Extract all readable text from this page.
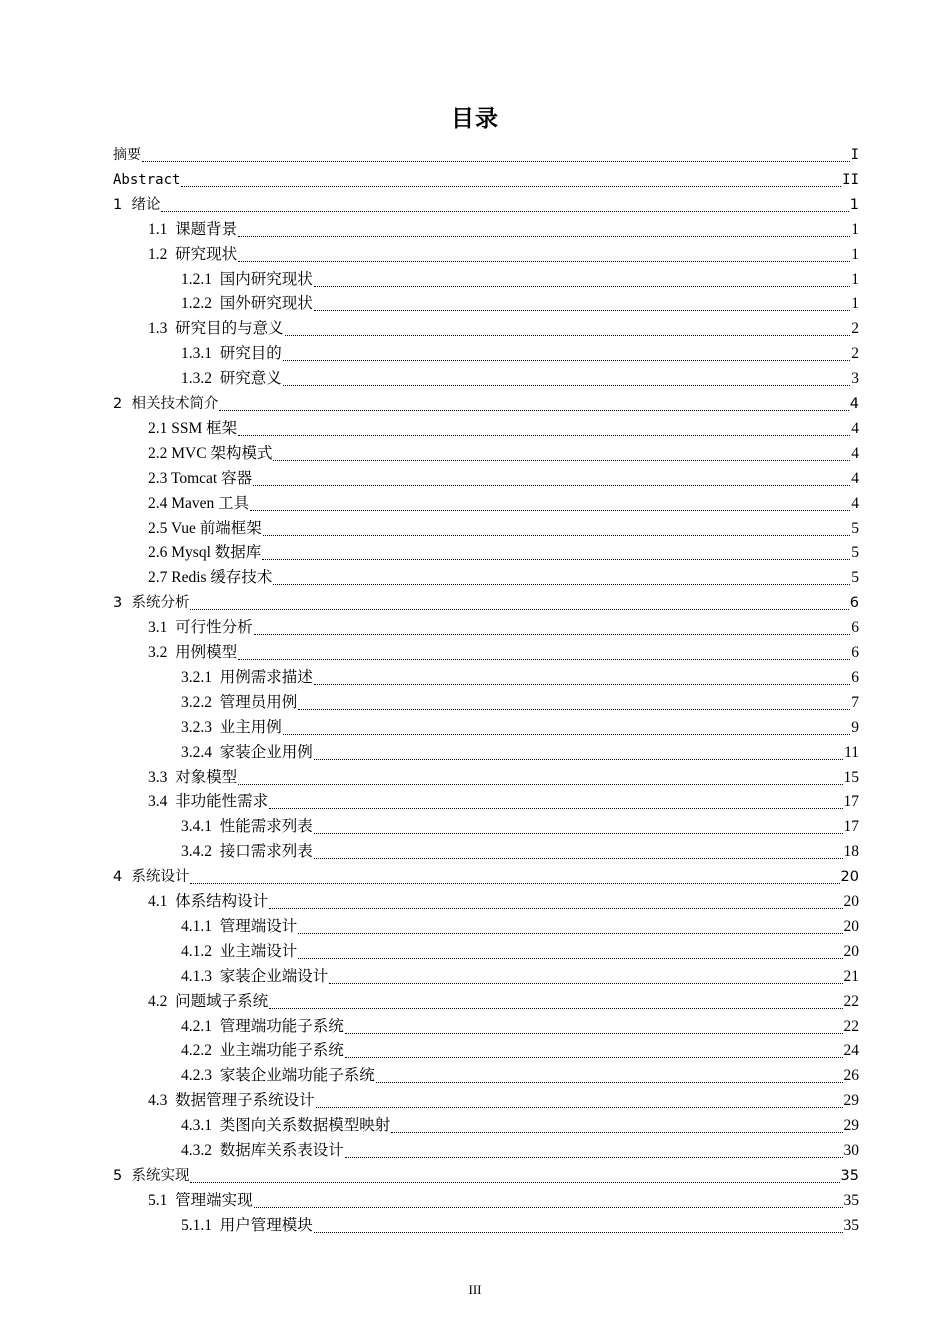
目录
摘要	I
Abstract	II
1  绪论	1
1.1  课题背景	1
1.2  研究现状	1
1.2.1  国内研究现状	1
1.2.2  国外研究现状	1
1.3  研究目的与意义	2
1.3.1  研究目的	2
1.3.2  研究意义	3
2  相关技术简介	4
2.1 SSM 框架	4
2.2 MVC 架构模式	4
2.3 Tomcat 容器	4
2.4 Maven 工具	4
2.5 Vue 前端框架	5
2.6 Mysql 数据库	5
2.7 Redis 缓存技术	5
3  系统分析	6
3.1  可行性分析	6
3.2  用例模型	6
3.2.1  用例需求描述	6
3.2.2  管理员用例	7
3.2.3  业主用例	9
3.2.4  家装企业用例	11
3.3  对象模型	15
3.4  非功能性需求	17
3.4.1  性能需求列表	17
3.4.2  接口需求列表	18
4  系统设计	20
4.1  体系结构设计	20
4.1.1  管理端设计	20
4.1.2  业主端设计	20
4.1.3  家装企业端设计	21
4.2  问题域子系统	22
4.2.1  管理端功能子系统	22
4.2.2  业主端功能子系统	24
4.2.3  家装企业端功能子系统	26
4.3  数据管理子系统设计	29
4.3.1  类图向关系数据模型映射	29
4.3.2  数据库关系表设计	30
5  系统实现	35
5.1  管理端实现	35
5.1.1  用户管理模块	35
III
